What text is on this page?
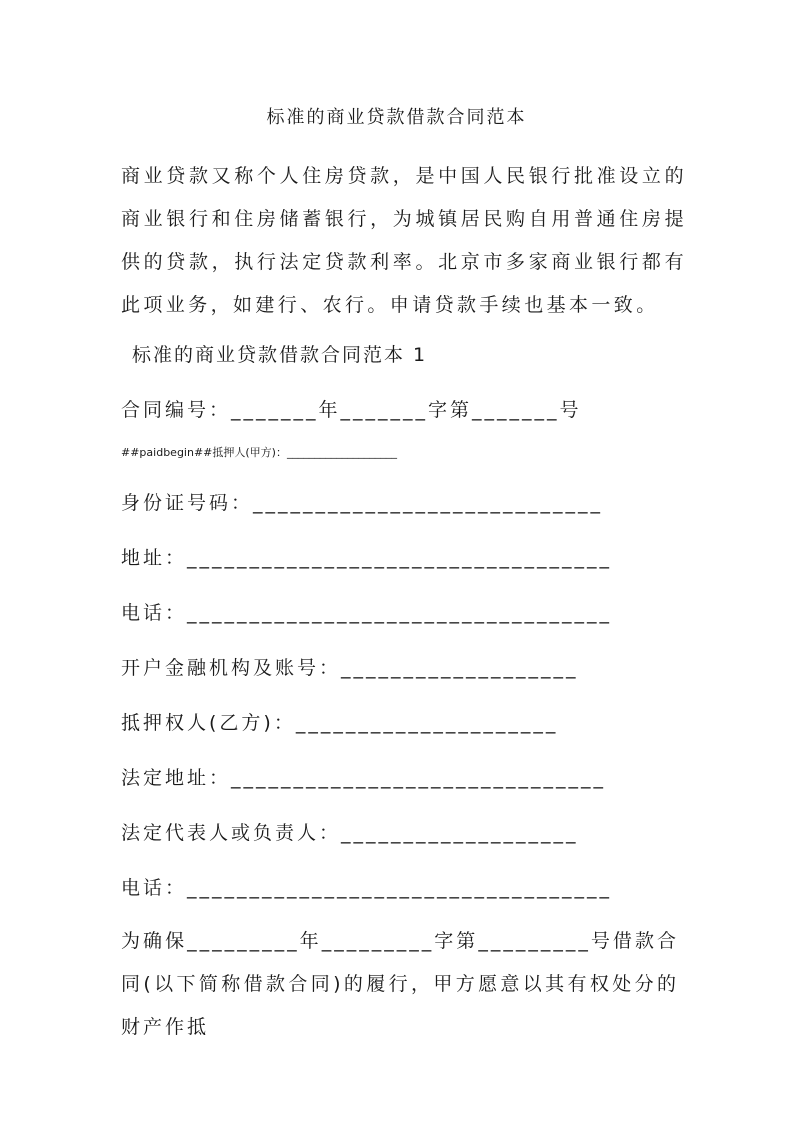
标准的商业贷款借款合同范本

商业贷款又称个人住房贷款，是中国人民银行批准设立的商业银行和住房储蓄银行，为城镇居民购自用普通住房提供的贷款，执行法定贷款利率。北京市多家商业银行都有此项业务，如建行、农行。申请贷款手续也基本一致。

标准的商业贷款借款合同范本 1
合同编号：_______年_______字第_______号
##paidbegin##抵押人(甲方)：____________________
身份证号码：____________________________
地址：__________________________________
电话：__________________________________
开户金融机构及账号：___________________
抵押权人(乙方)：_____________________
法定地址：______________________________
法定代表人或负责人：___________________
电话：__________________________________

为确保_________年_________字第_________号借款合同(以下简称借款合同)的履行，甲方愿意以其有权处分的财产作抵
